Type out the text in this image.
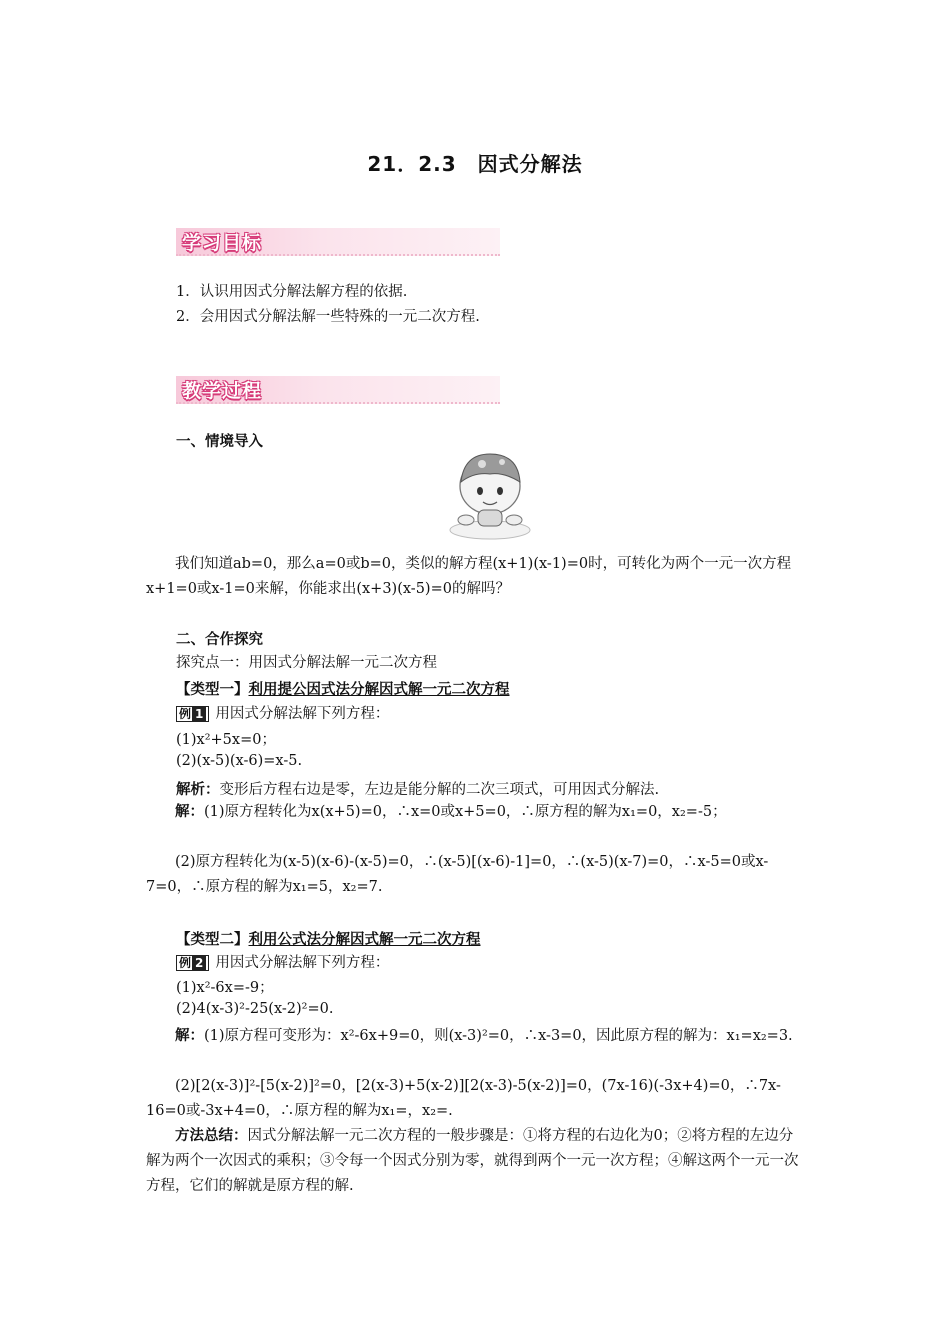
21．2.3　因式分解法
学习目标
1．认识用因式分解法解方程的依据.
2．会用因式分解法解一些特殊的一元二次方程.
教学过程
一、情境导入
我们知道ab=0，那么a=0或b=0，类似的解方程(x+1)(x-1)=0时，可转化为两个一元一次方程x+1=0或x-1=0来解，你能求出(x+3)(x-5)=0的解吗？
二、合作探究
探究点一：用因式分解法解一元二次方程
【类型一】利用提公因式法分解因式解一元二次方程
例 1 用因式分解法解下列方程：
(1)x²+5x=0；
(2)(x-5)(x-6)=x-5.
解析：变形后方程右边是零，左边是能分解的二次三项式，可用因式分解法.
解：(1)原方程转化为x(x+5)=0，∴x=0或x+5=0，∴原方程的解为x₁=0，x₂=-5；
(2)原方程转化为(x-5)(x-6)-(x-5)=0，∴(x-5)[(x-6)-1]=0，∴(x-5)(x-7)=0，∴x-5=0或x-7=0，∴原方程的解为x₁=5，x₂=7.
【类型二】利用公式法分解因式解一元二次方程
例 2 用因式分解法解下列方程：
(1)x²-6x=-9；
(2)4(x-3)²-25(x-2)²=0.
解：(1)原方程可变形为：x²-6x+9=0，则(x-3)²=0，∴x-3=0，因此原方程的解为：x₁=x₂=3.
(2)[2(x-3)]²-[5(x-2)]²=0，[2(x-3)+5(x-2)][2(x-3)-5(x-2)]=0，(7x-16)(-3x+4)=0，∴7x-16=0或-3x+4=0，∴原方程的解为x₁=，x₂=.
方法总结：因式分解法解一元二次方程的一般步骤是：①将方程的右边化为0；②将方程的左边分解为两个一次因式的乘积；③令每一个因式分别为零，就得到两个一元一次方程；④解这两个一元一次方程，它们的解就是原方程的解.
